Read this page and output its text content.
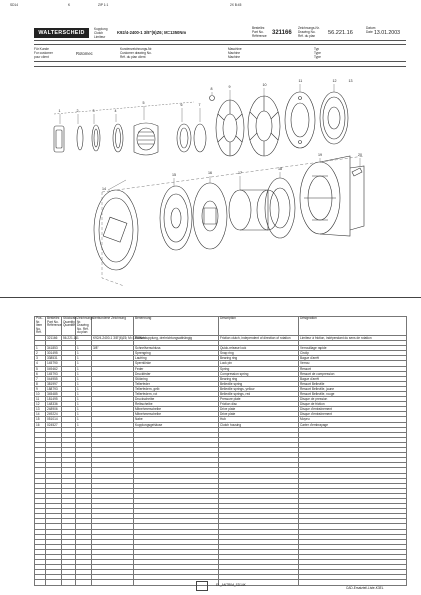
SD14	K	ZIP 1:1	2X B:45
WALTERSCHEID
Kupplung
Clutch
Limiteur
K92/4-2400-1 3/8"(6)Z6; M=1350Nm
Bestellnr.
Part No.
Référence 321166
Zeichnungs-Nr.
Drawing No.
Réf. du plan 56.221.16
Datum
Date 13.01.2003
Für Kunde
For customer
pour client
Rotomec
Kundenzeichnungs-Nr.
Customer drawing No.
Réf. du plan client
Maschine
Machine
Machine
Typ
Type
Type
1	2	3	4
5	6	7
8	9	10
11	12	13
14
15	16	17
18
19	20
Pos.-Nr. Item No. Réf.	Bestellnr. Part No. Référence	Stückzahl Quantity Quantité	Zeichnungs-Nr. Drawing No. Réf. du plan	Verbundene Zeichnung	Benennung	Description	Désignation
	321166	56.221.16	1	K92/4-2400-1 3/8"(6)Z6; M=1350Nm	Rutschkupplung, drehrichtungsabhängig	Friction clutch, independent of direction of rotation	Limiteur à friction, indépendant du sens de rotation

1	341853		1	3/8"	Schnellverschluss	Quick-release lock	Verrouillage rapide
2	301495		1		Sprengring	Snap ring	Circlip
3	338531		1		Laufring	Bearing ring	Bague d'arrêt
4	145790		1		Sperrklinke	Lock pin	Verrou
5	049462		1		Feder	Spring	Ressort
6	145793		1		Druckfeder	Compression spring	Ressort de compression
7	044955		1		Stützring	Bearing ring	Bague d'arrêt
8	381997		1		Tellerfeder	Belleville spring	Ressort Belleville
9	188793		1		Tellerfedern, gelb	Belleville springs, yellow	Ressort Belleville, jaune
10	345485		1		Tellerfedern, rot	Belleville springs, red	Ressort Belleville, rouge
11	181495		1		Druckscheibe	Pressure plate	Disque de pression
12	148336		1		Reibscheibe	Friction disc	Disque de friction
13	248906		1		Mitnehmerscheibe	Drive plate	Disque d'entraînement
14	249224		1		Mitnehmerscheibe	Drive plate	Disque d'entraînement
15	051014		1		Nabe	Hub	Moyeu
16	024527		1		Kupplungsgehäuse	Clutch housing	Carter d'embrayage

EL_ANTRIM_SD14K
CAD-Ersatzteil-Liste-K3EL
